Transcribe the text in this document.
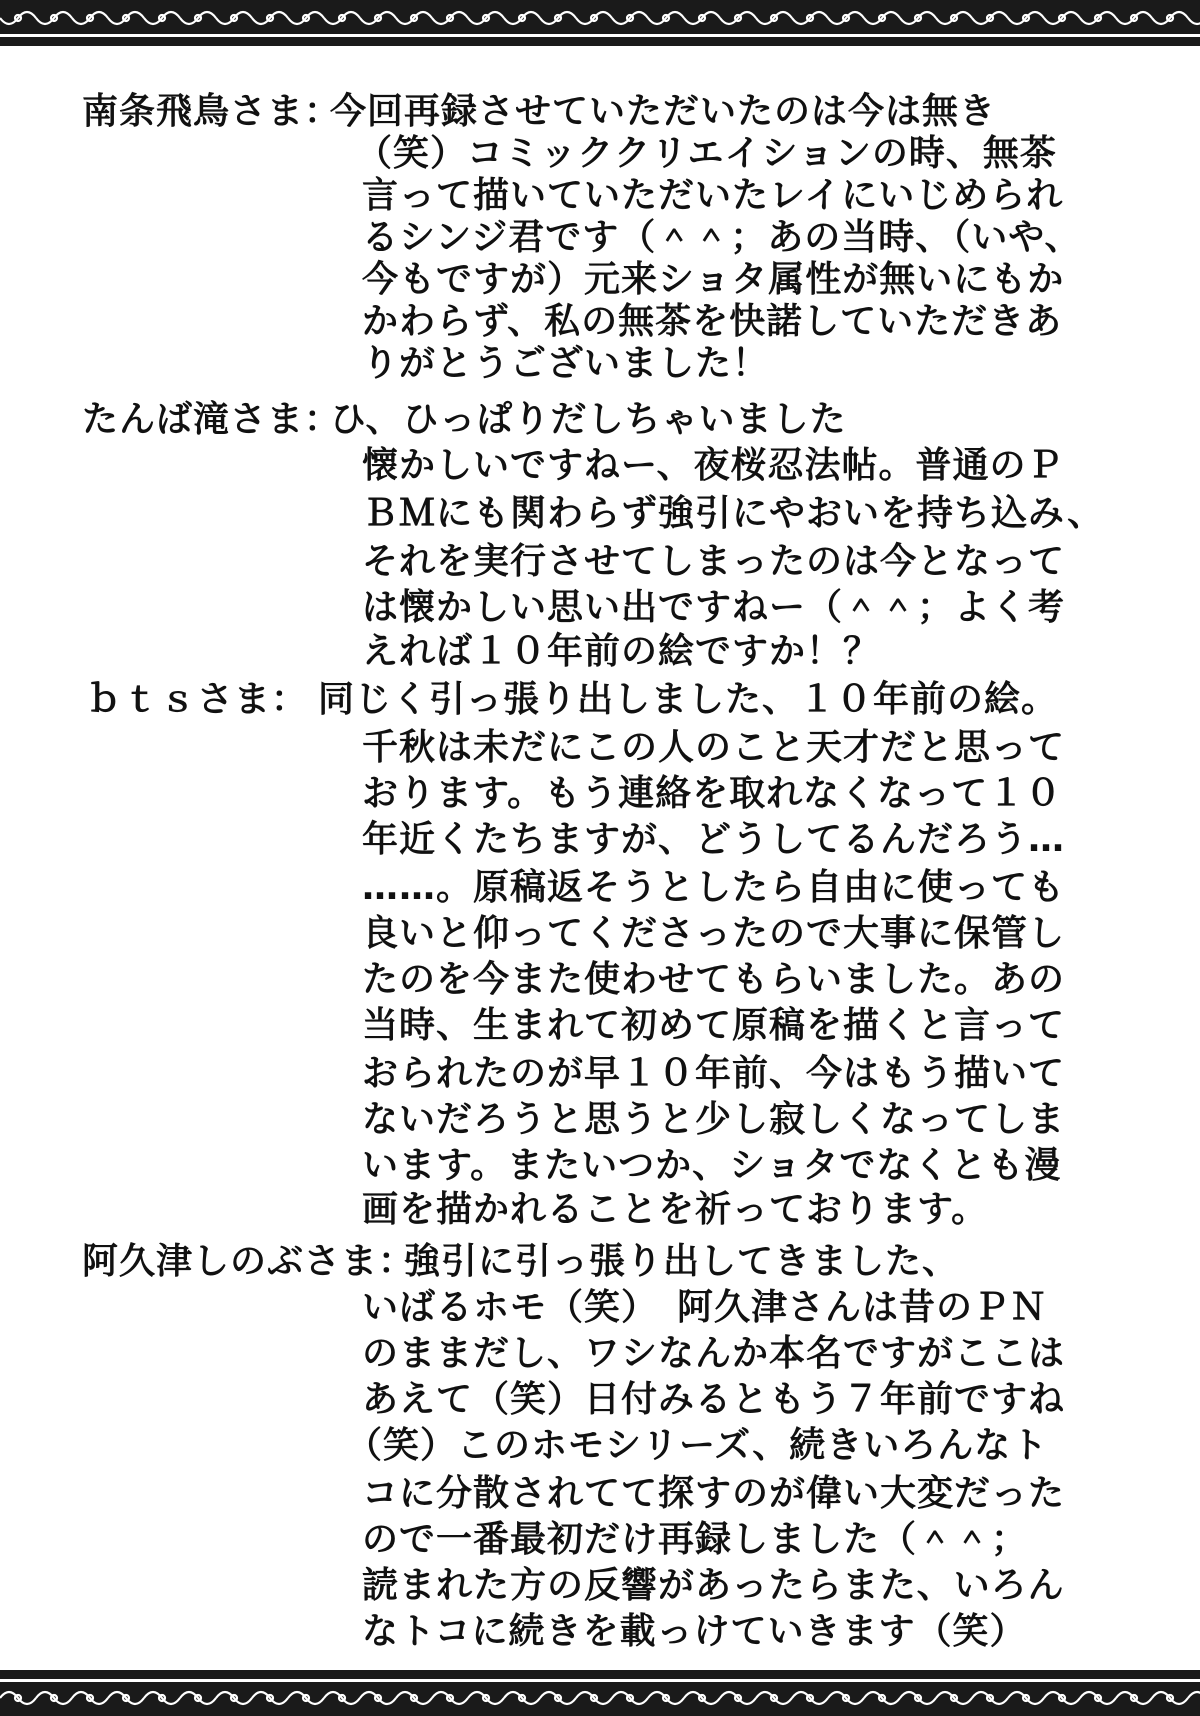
南条飛鳥さま：
今回再録させていただいたのは今は無き
（笑）コミッククリエイションの時、無茶
言って描いていただいたレイにいじめられ
るシンジ君です（＾＾；あの当時、（いや、
今もですが）元来ショタ属性が無いにもか
かわらず、私の無茶を快諾していただきあ
りがとうございました！
たんば滝さま：
ひ、ひっぱりだしちゃいました
懐かしいですねー、夜桜忍法帖。普通のＰ
ＢＭにも関わらず強引にやおいを持ち込み、
それを実行させてしまったのは今となって
は懐かしい思い出ですねー（＾＾；よく考
えれば１０年前の絵ですか！？
ｂｔｓさま： 同じく引っ張り出しました、１０年前の絵。
千秋は未だにこの人のこと天才だと思って
おります。もう連絡を取れなくなって１０
年近くたちますが、どうしてるんだろう…
……。原稿返そうとしたら自由に使っても
良いと仰ってくださったので大事に保管し
たのを今また使わせてもらいました。あの
当時、生まれて初めて原稿を描くと言って
おられたのが早１０年前、今はもう描いて
ないだろうと思うと少し寂しくなってしま
います。またいつか、ショタでなくとも漫
画を描かれることを祈っております。
阿久津しのぶさま：
強引に引っ張り出してきました、
いばるホモ（笑）　阿久津さんは昔のＰＮ
のままだし、ワシなんか本名ですがここは
あえて（笑）日付みるともう７年前ですね
（笑）このホモシリーズ、続きいろんなト
コに分散されてて探すのが偉い大変だった
ので一番最初だけ再録しました（＾＾；
読まれた方の反響があったらまた、いろん
なトコに続きを載っけていきます（笑）
